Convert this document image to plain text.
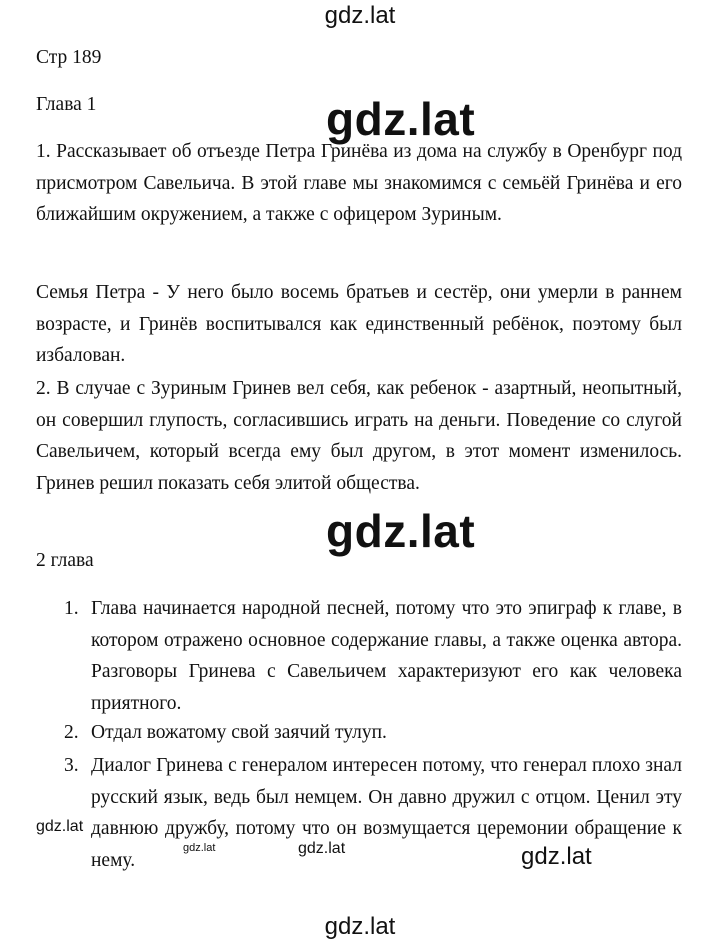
gdz.lat
gdz.lat
gdz.lat
gdz.lat
gdz.lat	gdz.lat	gdz.lat
gdz.lat

Стр 189

Глава 1

1. Рассказывает об отъезде Петра Гринёва из дома на службу в Оренбург под присмотром Савельича. В этой главе мы знакомимся с семьёй Гринёва и его ближайшим окружением, а также с офицером Зуриным.

Семья Петра - У него было восемь братьев и сестёр, они умерли в раннем возрасте, и Гринёв воспитывался как единственный ребёнок, поэтому был избалован.

2. В случае с Зуриным Гринев вел себя, как ребенок - азартный, неопытный, он совершил глупость, согласившись играть на деньги. Поведение со слугой Савельичем, который всегда ему был другом, в этот момент изменилось. Гринев решил показать себя элитой общества.

2 глава

1. Глава начинается народной песней, потому что это эпиграф к главе, в котором отражено основное содержание главы, а также оценка автора. Разговоры Гринева с Савельичем характеризуют его как человека приятного.
2. Отдал вожатому свой заячий тулуп.
3. Диалог Гринева с генералом интересен потому, что генерал плохо знал русский язык, ведь был немцем. Он давно дружил с отцом. Ценил эту давнюю дружбу, потому что он возмущается церемонии обращение к нему.
